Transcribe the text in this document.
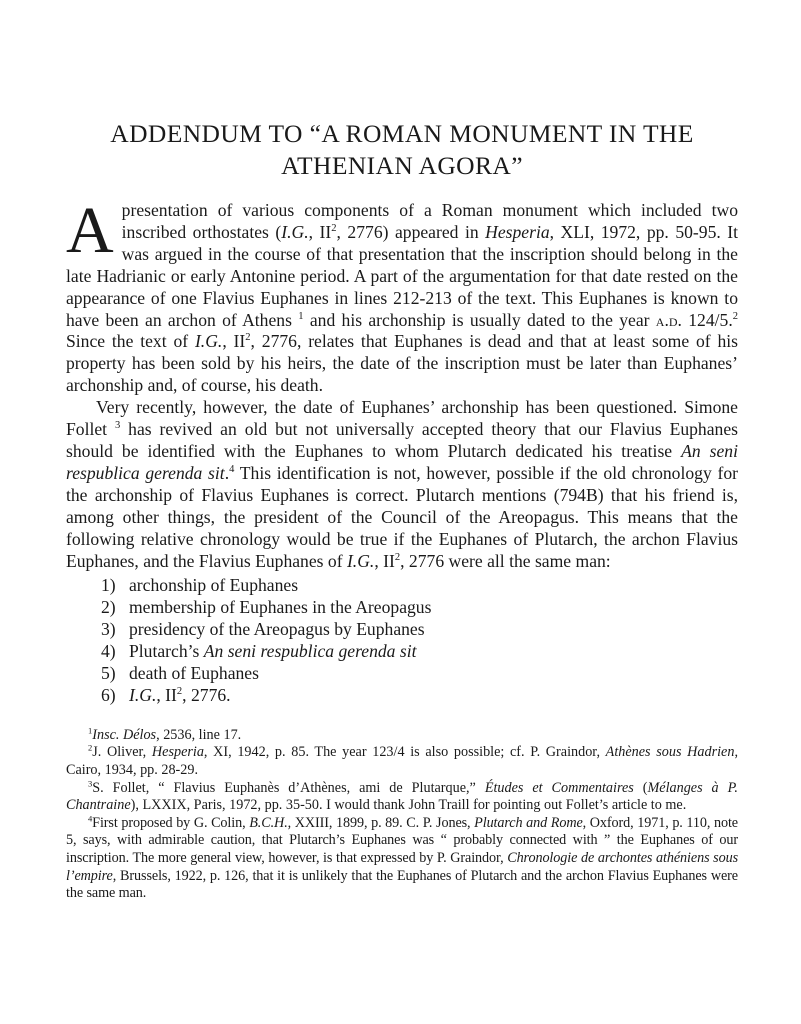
ADDENDUM TO “A ROMAN MONUMENT IN THE
ATHENIAN AGORA”

Apresentation of various components of a Roman monument which included two inscribed orthostates (I.G., $II^2$, 2776) appeared in Hesperia, XLI, 1972, pp. 50-95. It was argued in the course of that presentation that the inscription should belong in the late Hadrianic or early Antonine period. A part of the argumentation for that date rested on the appearance of one Flavius Euphanes in lines 212-213 of the text. This Euphanes is known to have been an archon of Athens $^1$ and his archonship is usually dated to the year a.d. 124/5.$^2$ Since the text of I.G., $II^2$, 2776, relates that Euphanes is dead and that at least some of his property has been sold by his heirs, the date of the inscription must be later than Euphanes’ archonship and, of course, his death.

Very recently, however, the date of Euphanes’ archonship has been questioned. Simone Follet $^3$ has revived an old but not universally accepted theory that our Flavius Euphanes should be identified with the Euphanes to whom Plutarch dedicated his treatise An seni respublica gerenda sit.$^4$ This identification is not, however, possible if the old chronology for the archonship of Flavius Euphanes is correct. Plutarch mentions (794B) that his friend is, among other things, the president of the Council of the Areopagus. This means that the following relative chronology would be true if the Euphanes of Plutarch, the archon Flavius Euphanes, and the Flavius Euphanes of I.G., $II^2$, 2776 were all the same man:

1) archonship of Euphanes
2) membership of Euphanes in the Areopagus
3) presidency of the Areopagus by Euphanes
4) Plutarch’s An seni respublica gerenda sit
5) death of Euphanes
6) I.G., $II^2$, 2776.

$^1$Insc. Délos, 2536, line 17.

$^2$J. Oliver, Hesperia, XI, 1942, p. 85. The year 123/4 is also possible; cf. P. Graindor, Athènes sous Hadrien, Cairo, 1934, pp. 28-29.

$^3$S. Follet, “ Flavius Euphanès d’Athènes, ami de Plutarque,” Études et Commentaires (Mélanges à P. Chantraine), LXXIX, Paris, 1972, pp. 35-50. I would thank John Traill for pointing out Follet’s article to me.

$^4$First proposed by G. Colin, B.C.H., XXIII, 1899, p. 89. C. P. Jones, Plutarch and Rome, Oxford, 1971, p. 110, note 5, says, with admirable caution, that Plutarch’s Euphanes was “ probably connected with ” the Euphanes of our inscription. The more general view, however, is that expressed by P. Graindor, Chronologie de archontes athéniens sous l’empire, Brussels, 1922, p. 126, that it is unlikely that the Euphanes of Plutarch and the archon Flavius Euphanes were the same man.
